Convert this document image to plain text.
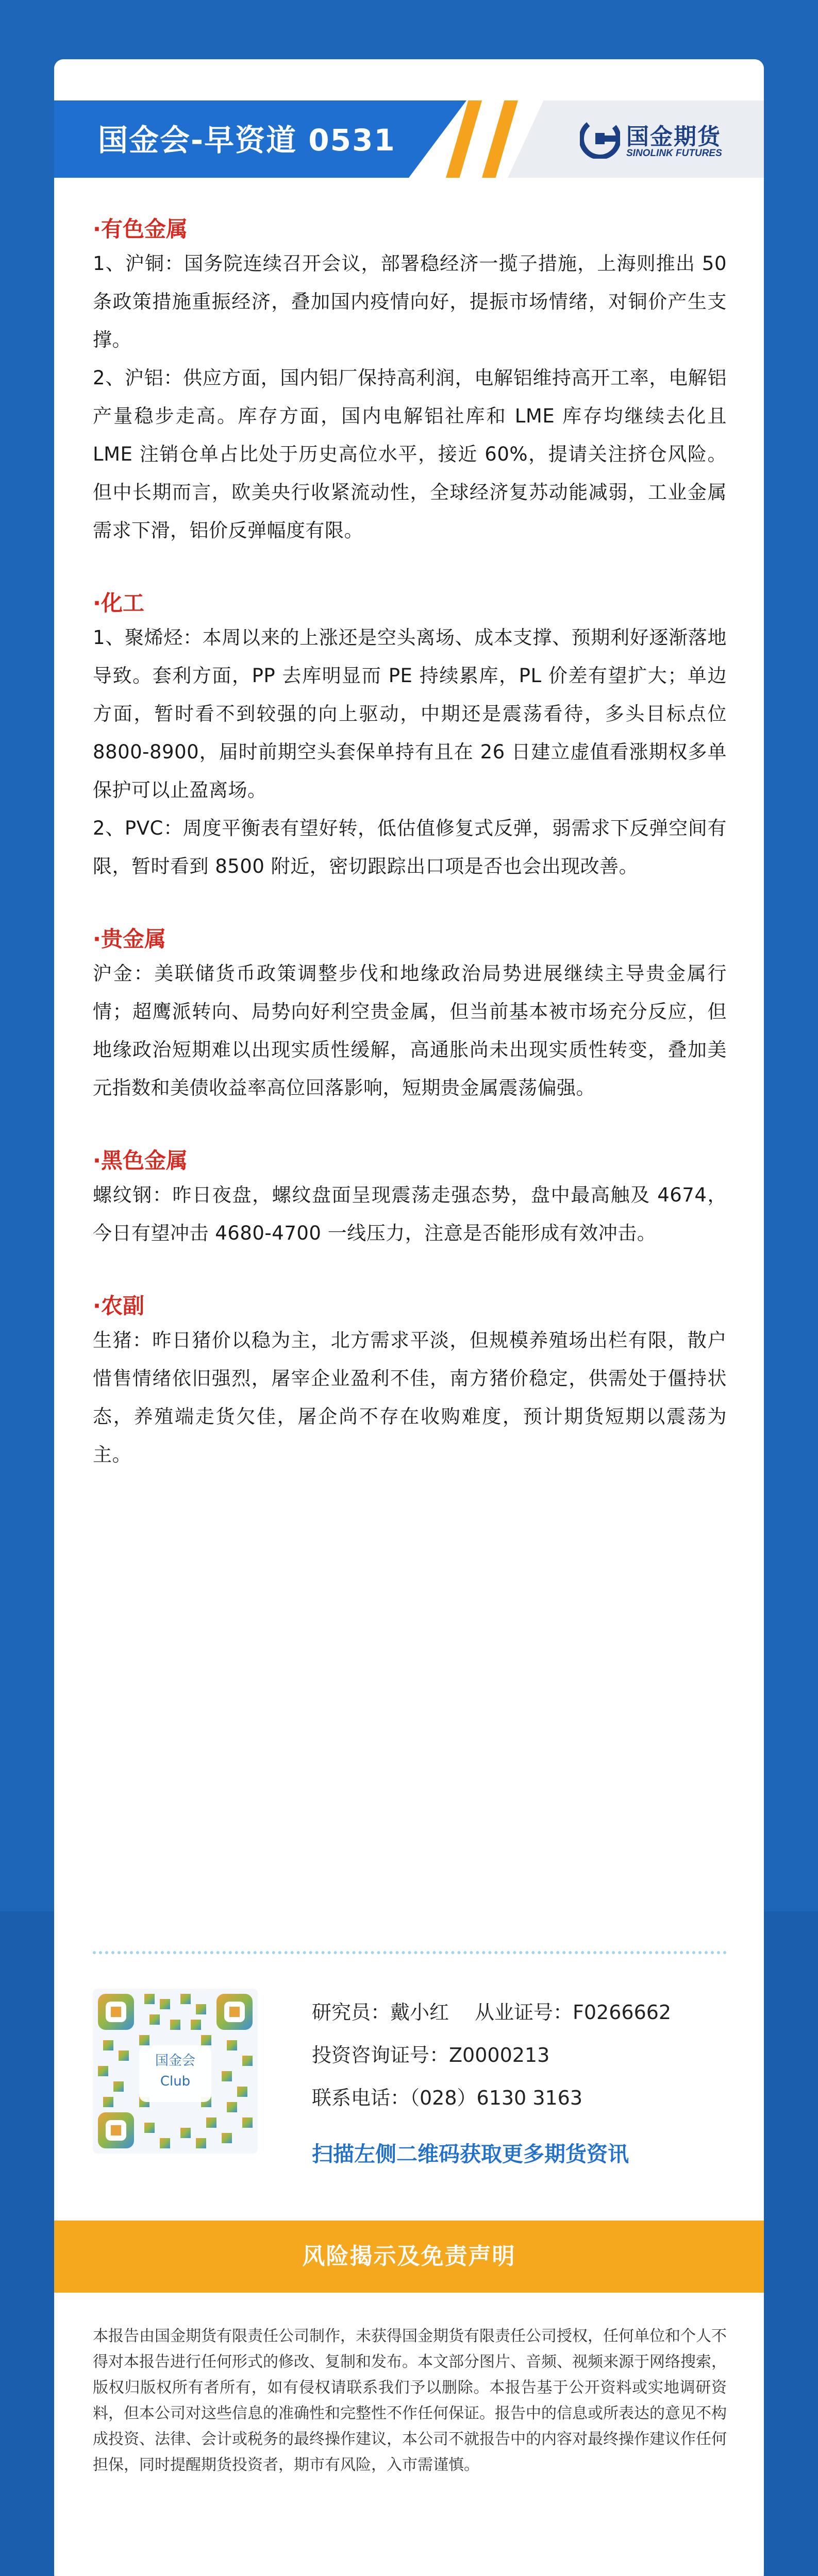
国金会-早资道 0531	国金期货
SINOLINK FUTURES
·有色金属

1、沪铜：国务院连续召开会议，部署稳经济一揽子措施，上海则推出 50 条政策措施重振经济，叠加国内疫情向好，提振市场情绪，对铜价产生支撑。

2、沪铝：供应方面，国内铝厂保持高利润，电解铝维持高开工率，电解铝产量稳步走高。库存方面，国内电解铝社库和 LME 库存均继续去化且 LME 注销仓单占比处于历史高位水平，接近 60%，提请关注挤仓风险。但中长期而言，欧美央行收紧流动性，全球经济复苏动能减弱，工业金属需求下滑，铝价反弹幅度有限。

·化工

1、聚烯烃：本周以来的上涨还是空头离场、成本支撑、预期利好逐渐落地导致。套利方面，PP 去库明显而 PE 持续累库，PL 价差有望扩大；单边方面，暂时看不到较强的向上驱动，中期还是震荡看待，多头目标点位 8800-8900，届时前期空头套保单持有且在 26 日建立虚值看涨期权多单保护可以止盈离场。

2、PVC：周度平衡表有望好转，低估值修复式反弹，弱需求下反弹空间有限，暂时看到 8500 附近，密切跟踪出口项是否也会出现改善。

·贵金属

沪金：美联储货币政策调整步伐和地缘政治局势进展继续主导贵金属行情；超鹰派转向、局势向好利空贵金属，但当前基本被市场充分反应，但地缘政治短期难以出现实质性缓解，高通胀尚未出现实质性转变，叠加美元指数和美债收益率高位回落影响，短期贵金属震荡偏强。

·黑色金属

螺纹钢：昨日夜盘，螺纹盘面呈现震荡走强态势，盘中最高触及 4674，今日有望冲击 4680-4700 一线压力，注意是否能形成有效冲击。

·农副

生猪：昨日猪价以稳为主，北方需求平淡，但规模养殖场出栏有限，散户惜售情绪依旧强烈，屠宰企业盈利不佳，南方猪价稳定，供需处于僵持状态，养殖端走货欠佳，屠企尚不存在收购难度，预计期货短期以震荡为主。

国金会
Club
研究员：戴小红 从业证号：F0266662
投资咨询证号：Z0000213
联系电话：（028）6130 3163
扫描左侧二维码获取更多期货资讯
风险揭示及免责声明

本报告由国金期货有限责任公司制作，未获得国金期货有限责任公司授权，任何单位和个人不得对本报告进行任何形式的修改、复制和发布。本文部分图片、音频、视频来源于网络搜索，版权归版权所有者所有，如有侵权请联系我们予以删除。本报告基于公开资料或实地调研资料，但本公司对这些信息的准确性和完整性不作任何保证。报告中的信息或所表达的意见不构成投资、法律、会计或税务的最终操作建议，本公司不就报告中的内容对最终操作建议作任何担保，同时提醒期货投资者，期市有风险，入市需谨慎。
